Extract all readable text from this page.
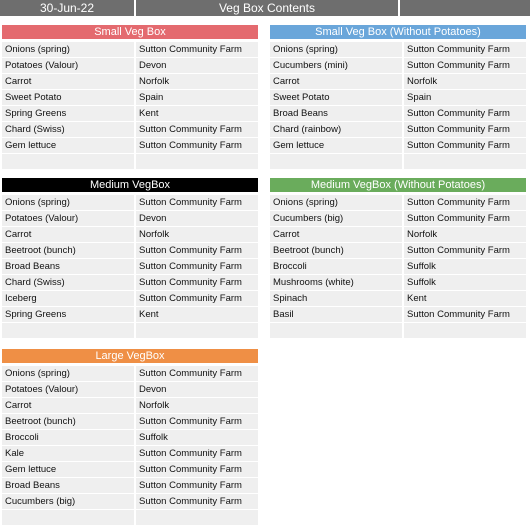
30-Jun-22	Veg Box Contents
Small Veg Box
Onions (spring)	Sutton Community Farm
Potatoes (Valour)	Devon
Carrot	Norfolk
Sweet Potato	Spain
Spring Greens	Kent
Chard (Swiss)	Sutton Community Farm
Gem lettuce	Sutton Community Farm
Small Veg Box (Without Potatoes)
Onions (spring)	Sutton Community Farm
Cucumbers (mini)	Sutton Community Farm
Carrot	Norfolk
Sweet Potato	Spain
Broad Beans	Sutton Community Farm
Chard (rainbow)	Sutton Community Farm
Gem lettuce	Sutton Community Farm
Medium VegBox
Onions (spring)	Sutton Community Farm
Potatoes (Valour)	Devon
Carrot	Norfolk
Beetroot (bunch)	Sutton Community Farm
Broad Beans	Sutton Community Farm
Chard (Swiss)	Sutton Community Farm
Iceberg	Sutton Community Farm
Spring Greens	Kent
Medium VegBox (Without Potatoes)
Onions (spring)	Sutton Community Farm
Cucumbers (big)	Sutton Community Farm
Carrot	Norfolk
Beetroot (bunch)	Sutton Community Farm
Broccoli	Suffolk
Mushrooms (white)	Suffolk
Spinach	Kent
Basil	Sutton Community Farm
Large VegBox
Onions (spring)	Sutton Community Farm
Potatoes (Valour)	Devon
Carrot	Norfolk
Beetroot (bunch)	Sutton Community Farm
Broccoli	Suffolk
Kale	Sutton Community Farm
Gem lettuce	Sutton Community Farm
Broad Beans	Sutton Community Farm
Cucumbers (big)	Sutton Community Farm
